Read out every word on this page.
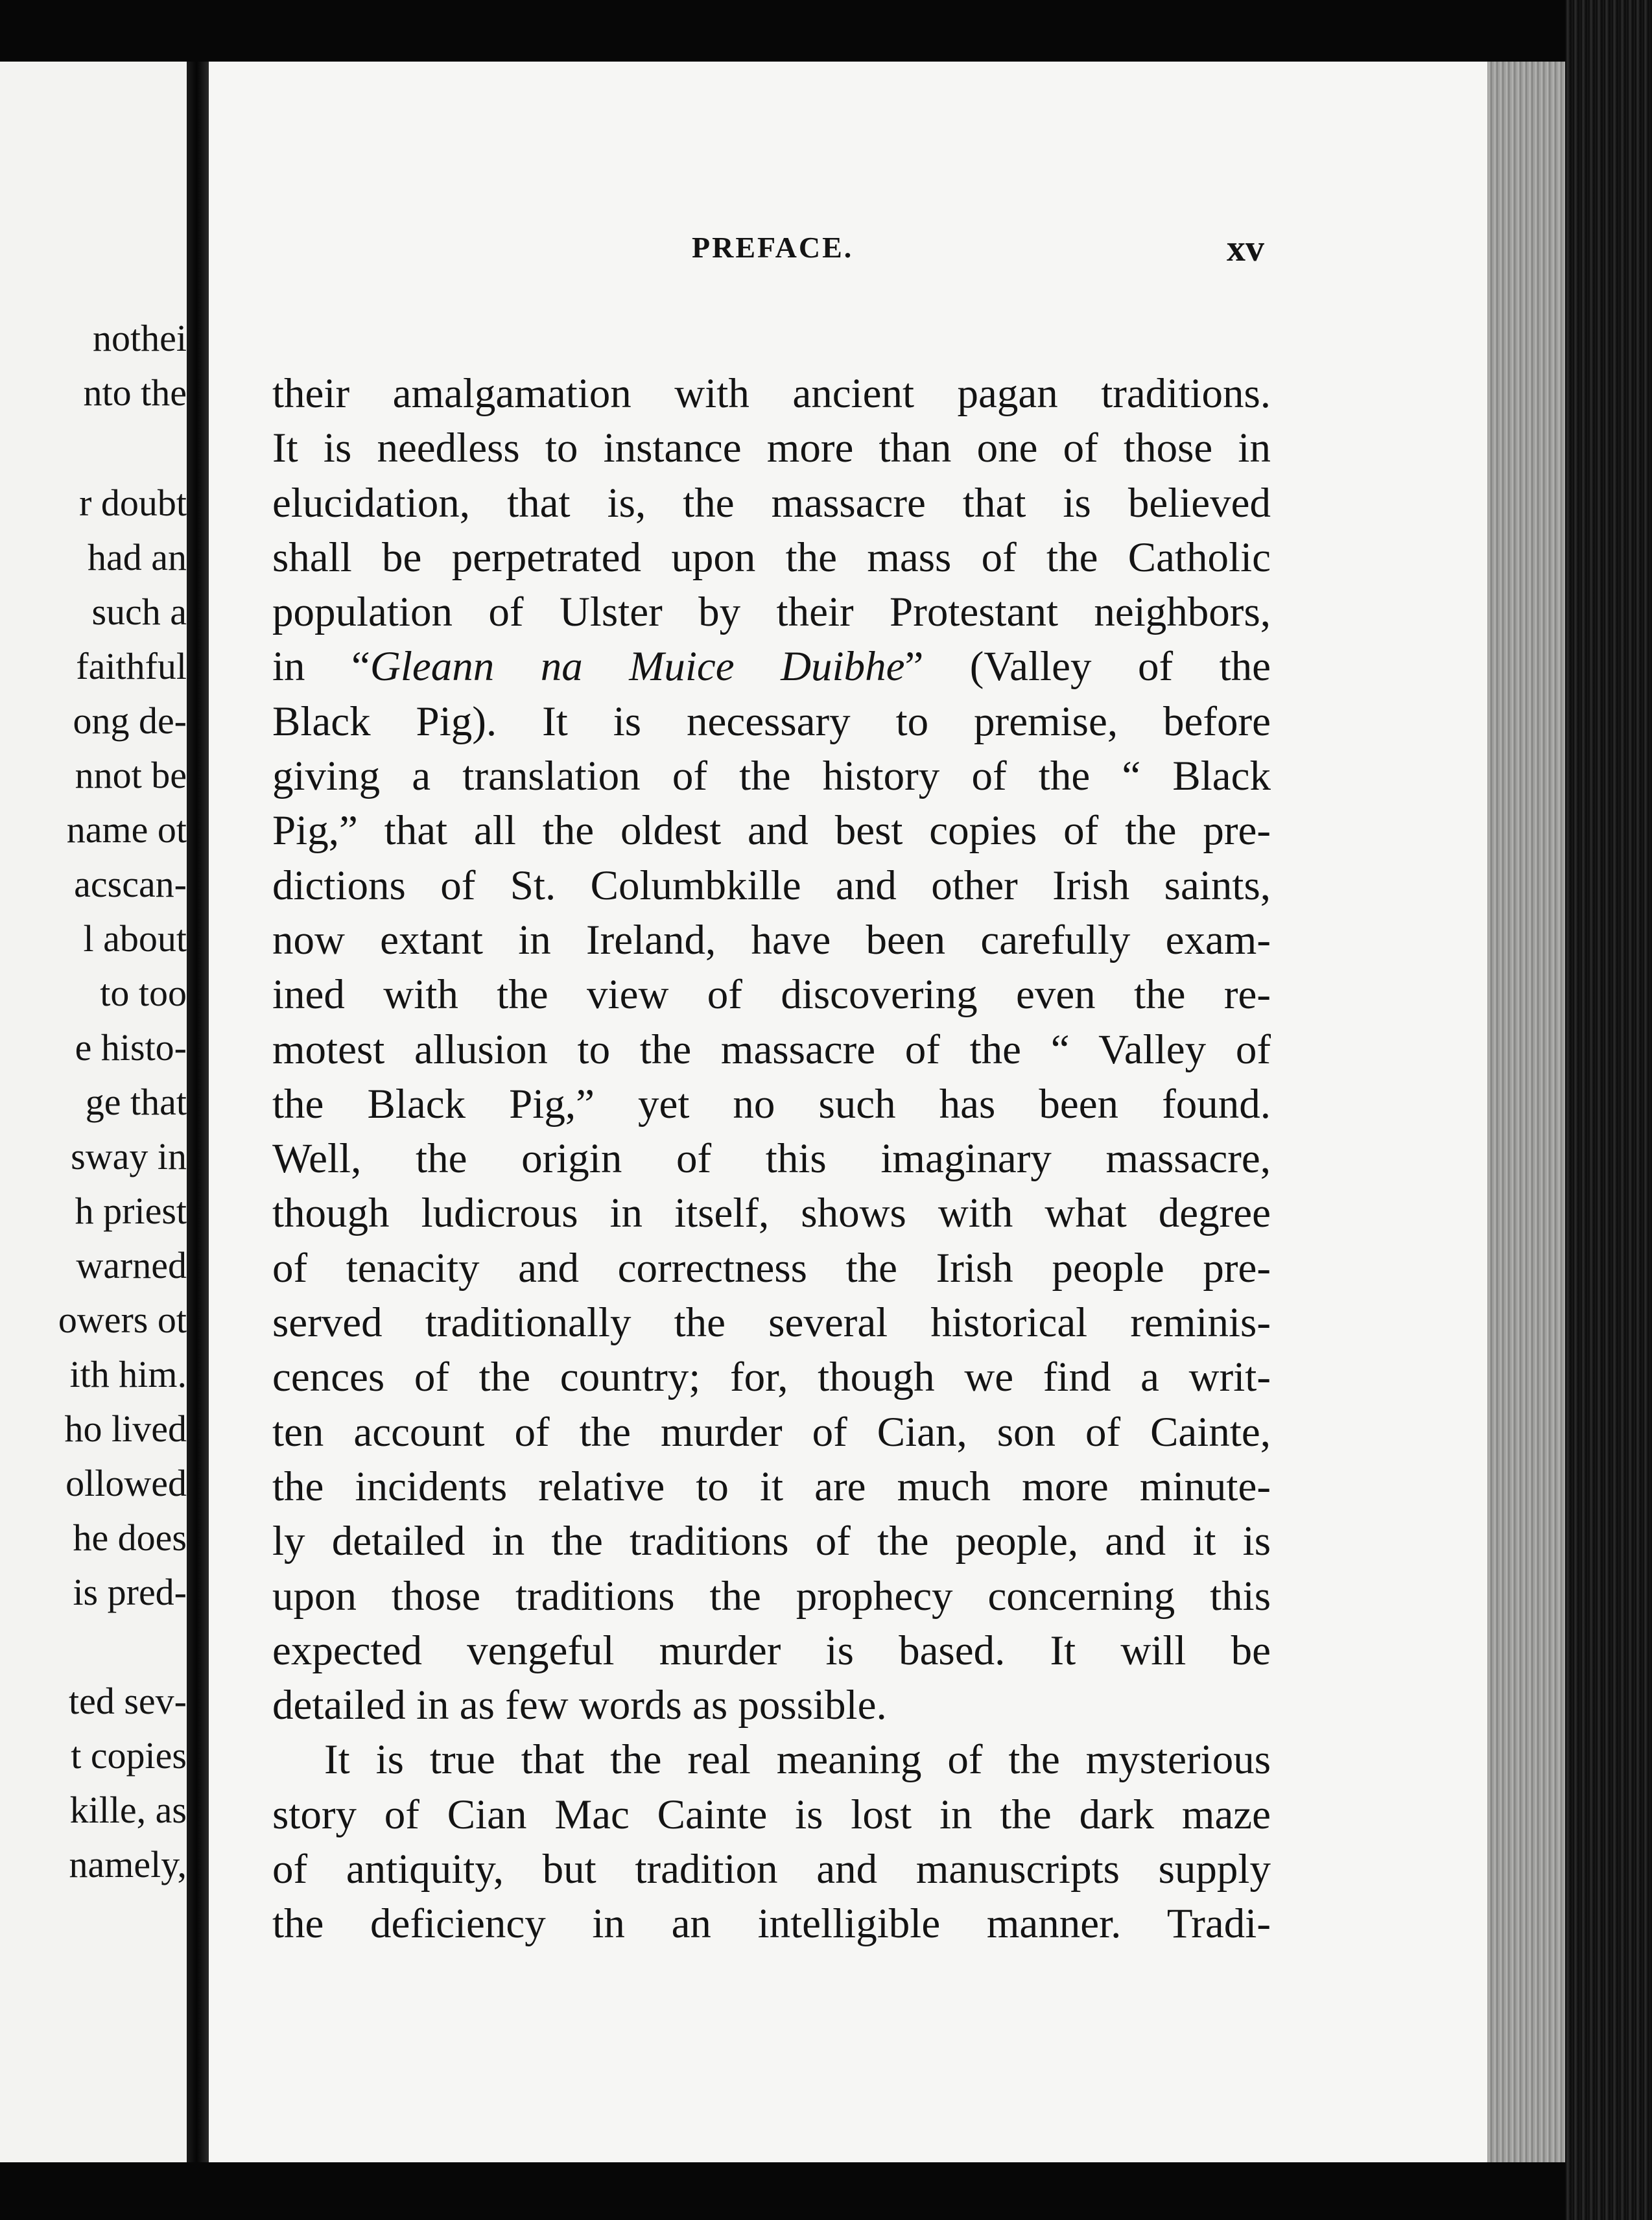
nothei
nto the
r doubt
had an
such a
faithful
ong de-
nnot be
name ot
acscan-
l about
to too
e histo-
ge that
sway in
h priest
warned
owers ot
ith him.
ho lived
ollowed
he does
is pred-
ted sev-
t copies
kille, as
namely,
PREFACE.	xv
their amalgamation with ancient pagan traditions.
It is needless to instance more than one of those in
elucidation, that is, the massacre that is believed
shall be perpetrated upon the mass of the Catholic
population of Ulster by their Protestant neighbors,
in “Gleann na Muice Duibhe” (Valley of the
Black Pig). It is necessary to premise, before
giving a translation of the history of the “ Black
Pig,” that all the oldest and best copies of the pre-
dictions of St. Columbkille and other Irish saints,
now extant in Ireland, have been carefully exam-
ined with the view of discovering even the re-
motest allusion to the massacre of the “ Valley of
the Black Pig,” yet no such has been found.
Well, the origin of this imaginary massacre,
though ludicrous in itself, shows with what degree
of tenacity and correctness the Irish people pre-
served traditionally the several historical reminis-
cences of the country; for, though we find a writ-
ten account of the murder of Cian, son of Cainte,
the incidents relative to it are much more minute-
ly detailed in the traditions of the people, and it is
upon those traditions the prophecy concerning this
expected vengeful murder is based. It will be
detailed in as few words as possible.
It is true that the real meaning of the mysterious
story of Cian Mac Cainte is lost in the dark maze
of antiquity, but tradition and manuscripts supply
the deficiency in an intelligible manner. Tradi-
